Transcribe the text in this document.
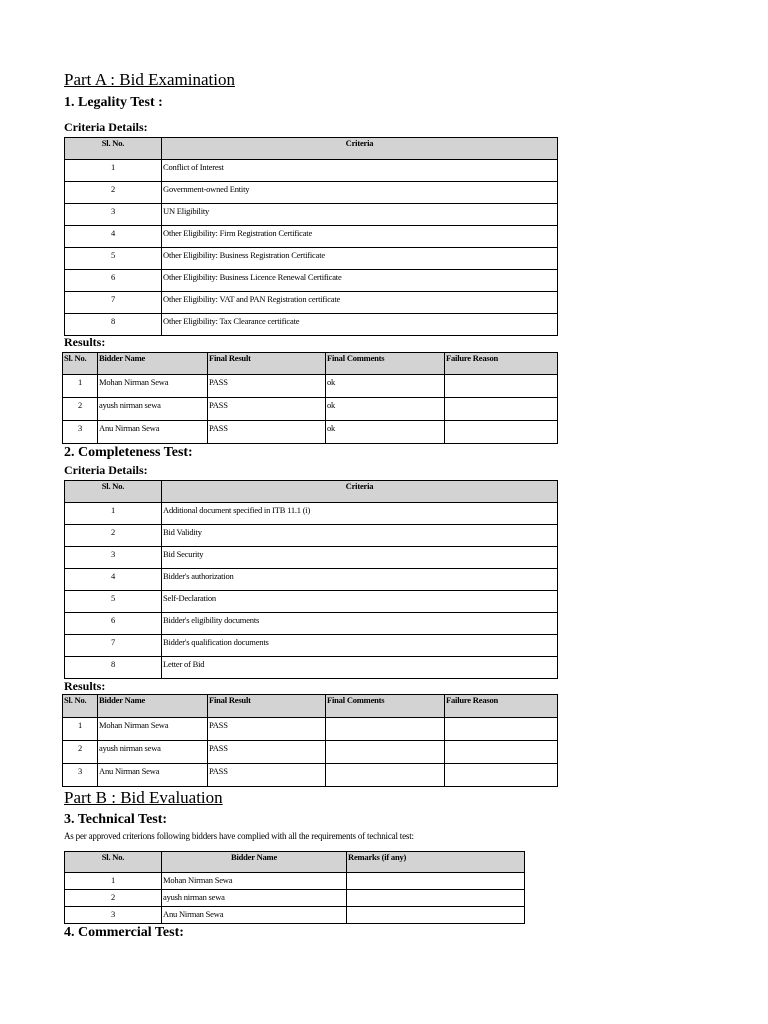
Part A : Bid Examination
1. Legality Test :
Criteria Details:
Sl. No.	Criteria
1	Conflict of Interest
2	Government-owned Entity
3	UN Eligibility
4	Other Eligibility: Firm Registration Certificate
5	Other Eligibility: Business Registration Certificate
6	Other Eligibility: Business Licence Renewal Certificate
7	Other Eligibility: VAT and PAN Registration certificate
8	Other Eligibility: Tax Clearance certificate
Results:
Sl. No.	Bidder Name	Final Result	Final Comments	Failure Reason
1	Mohan Nirman Sewa	PASS	ok	
2	ayush nirman sewa	PASS	ok	
3	Anu Nirman Sewa	PASS	ok	
2. Completeness Test:
Criteria Details:
Sl. No.	Criteria
1	Additional document specified in ITB 11.1 (i)
2	Bid Validity
3	Bid Security
4	Bidder's authorization
5	Self-Declaration
6	Bidder's eligibility documents
7	Bidder's qualification documents
8	Letter of Bid
Results:
Sl. No.	Bidder Name	Final Result	Final Comments	Failure Reason
1	Mohan Nirman Sewa	PASS		
2	ayush nirman sewa	PASS		
3	Anu Nirman Sewa	PASS		
Part B : Bid Evaluation
3. Technical Test:
As per approved criterions following bidders have complied with all the requirements of technical test:
Sl. No.	Bidder Name	Remarks (if any)
1	Mohan Nirman Sewa	
2	ayush nirman sewa	
3	Anu Nirman Sewa	
4. Commercial Test:
